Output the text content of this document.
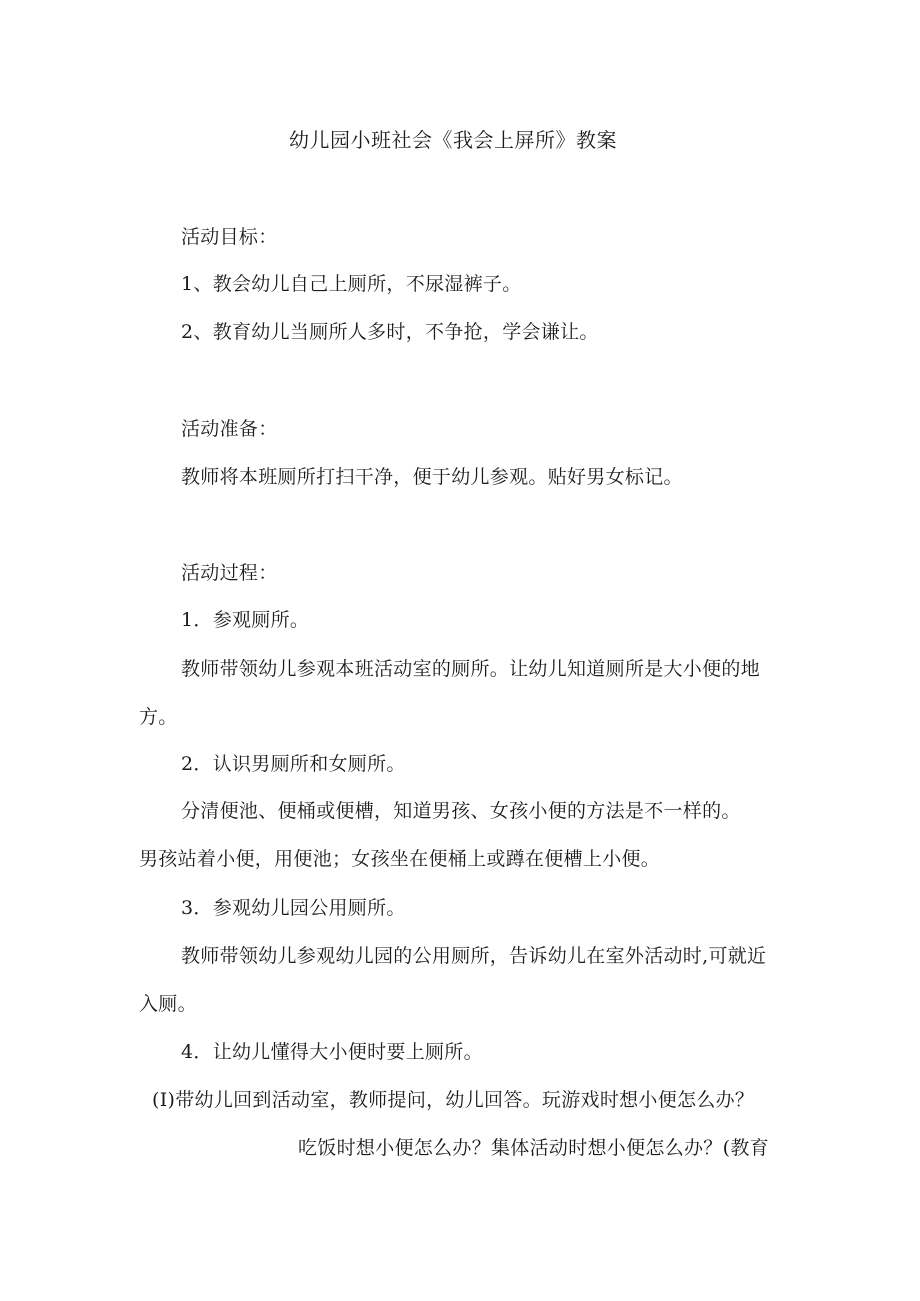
幼儿园小班社会《我会上屏所》教案
活动目标：
1、教会幼儿自己上厕所，不尿湿裤子。
2、教育幼儿当厕所人多时，不争抢，学会谦让。
活动准备：
教师将本班厕所打扫干净，便于幼儿参观。贴好男女标记。
活动过程：
1．参观厕所。
教师带领幼儿参观本班活动室的厕所。让幼儿知道厕所是大小便的地
方。
2．认识男厕所和女厕所。
分清便池、便桶或便槽，知道男孩、女孩小便的方法是不一样的。
男孩站着小便，用便池；女孩坐在便桶上或蹲在便槽上小便。
3．参观幼儿园公用厕所。
教师带领幼儿参观幼儿园的公用厕所，告诉幼儿在室外活动时,可就近
入厕。
4．让幼儿懂得大小便时要上厕所。
(I)带幼儿回到活动室，教师提问，幼儿回答。玩游戏时想小便怎么办？
吃饭时想小便怎么办？集体活动时想小便怎么办？(教育
